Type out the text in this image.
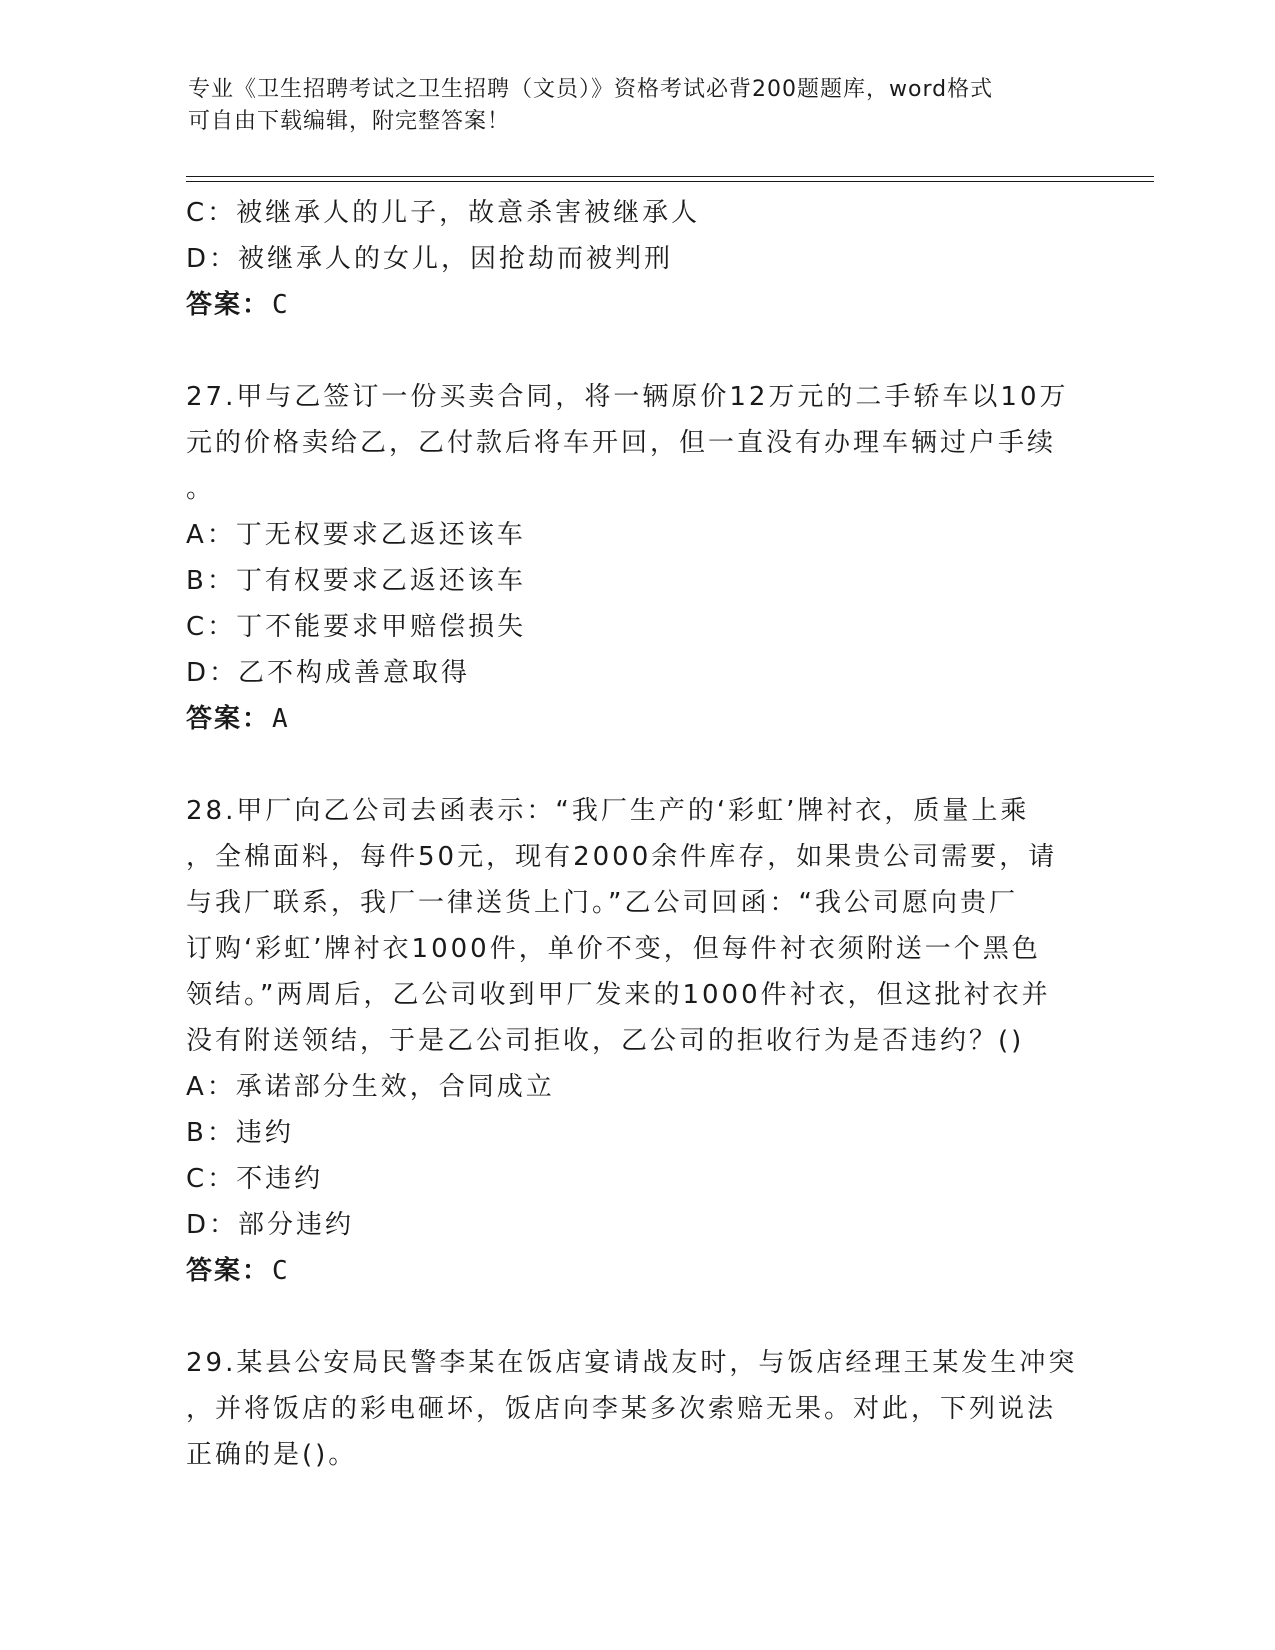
专业《卫生招聘考试之卫生招聘（文员）》资格考试必背200题题库，word格式
可自由下载编辑，附完整答案！
C：被继承人的儿子，故意杀害被继承人
D：被继承人的女儿，因抢劫而被判刑
答案：C
27.甲与乙签订一份买卖合同，将一辆原价12万元的二手轿车以10万
元的价格卖给乙，乙付款后将车开回，但一直没有办理车辆过户手续
。
A：丁无权要求乙返还该车
B：丁有权要求乙返还该车
C：丁不能要求甲赔偿损失
D：乙不构成善意取得
答案：A
28.甲厂向乙公司去函表示：“我厂生产的‘彩虹’牌衬衣，质量上乘
，全棉面料，每件50元，现有2000余件库存，如果贵公司需要，请
与我厂联系，我厂一律送货上门。”乙公司回函：“我公司愿向贵厂
订购‘彩虹’牌衬衣1000件，单价不变，但每件衬衣须附送一个黑色
领结。”两周后，乙公司收到甲厂发来的1000件衬衣，但这批衬衣并
没有附送领结，于是乙公司拒收，乙公司的拒收行为是否违约？()
A：承诺部分生效，合同成立
B：违约
C：不违约
D：部分违约
答案：C
29.某县公安局民警李某在饭店宴请战友时，与饭店经理王某发生冲突
，并将饭店的彩电砸坏，饭店向李某多次索赔无果。对此，下列说法
正确的是()。
